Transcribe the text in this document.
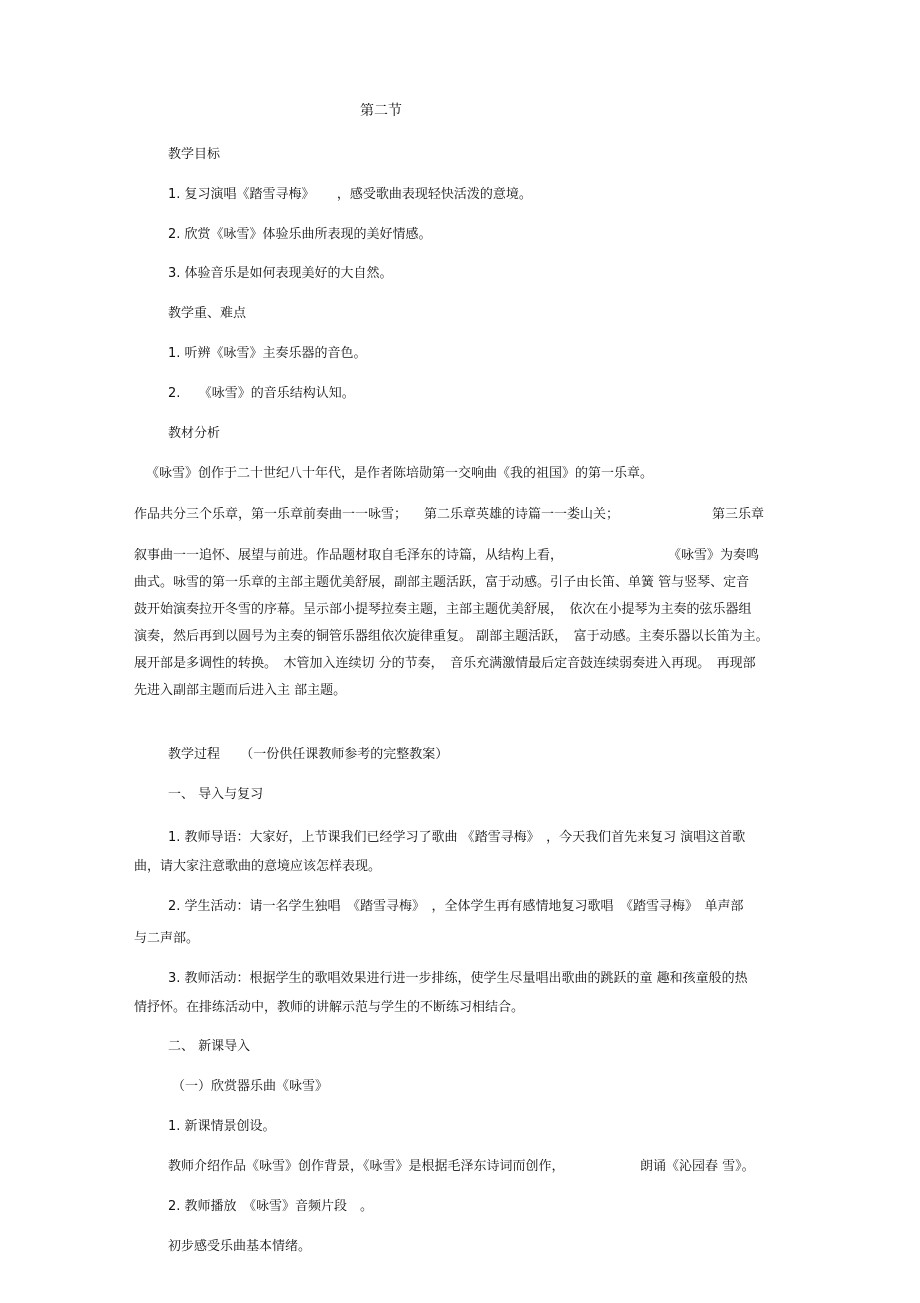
第二节
教学目标
1. 复习演唱《踏雪寻梅》 ，感受歌曲表现轻快活泼的意境。
2. 欣赏《咏雪》体验乐曲所表现的美好情感。
3. 体验音乐是如何表现美好的大自然。
教学重、难点
1. 听辨《咏雪》主奏乐器的音色。
2. 《咏雪》的音乐结构认知。
教材分析
《咏雪》创作于二十世纪八十年代，是作者陈培勋第一交响曲《我的祖国》的第一乐章。
作品共分三个乐章，第一乐章前奏曲一一咏雪； 第二乐章英雄的诗篇一一娄山关；	第三乐章
叙事曲一一追怀、展望与前进。作品题材取自毛泽东的诗篇，从结构上看，	《咏雪》为奏鸣
曲式。咏雪的第一乐章的主部主题优美舒展，副部主题活跃，富于动感。引子由长笛、单簧 管与竖琴、定音
鼓开始演奏拉开冬雪的序幕。呈示部小提琴拉奏主题，主部主题优美舒展，　依次在小提琴为主奏的弦乐器组
演奏，然后再到以圆号为主奏的铜管乐器组依次旋律重复。 副部主题活跃，　富于动感。主奏乐器以长笛为主。
展开部是多调性的转换。　木管加入连续切 分的节奏，　音乐充满激情最后定音鼓连续弱奏进入再现。　再现部
先进入副部主题而后进入主 部主题。
教学过程 （一份供任课教师参考的完整教案）
一、 导入与复习
1. 教师导语：大家好，上节课我们已经学习了歌曲 《踏雪寻梅》　，今天我们首先来复习 演唱这首歌
曲，请大家注意歌曲的意境应该怎样表现。
2. 学生活动：请一名学生独唱　《踏雪寻梅》　，全体学生再有感情地复习歌唱　《踏雪寻梅》　单声部
与二声部。
3. 教师活动：根据学生的歌唱效果进行进一步排练，使学生尽量唱出歌曲的跳跃的童 趣和孩童般的热
情抒怀。在排练活动中，教师的讲解示范与学生的不断练习相结合。
二、 新课导入
（一）欣赏器乐曲《咏雪》
1. 新课情景创设。
教师介绍作品《咏雪》创作背景，《咏雪》是根据毛泽东诗词而创作，	朗诵《沁园春 雪》。
2. 教师播放　《咏雪》音频片段　。
初步感受乐曲基本情绪。
